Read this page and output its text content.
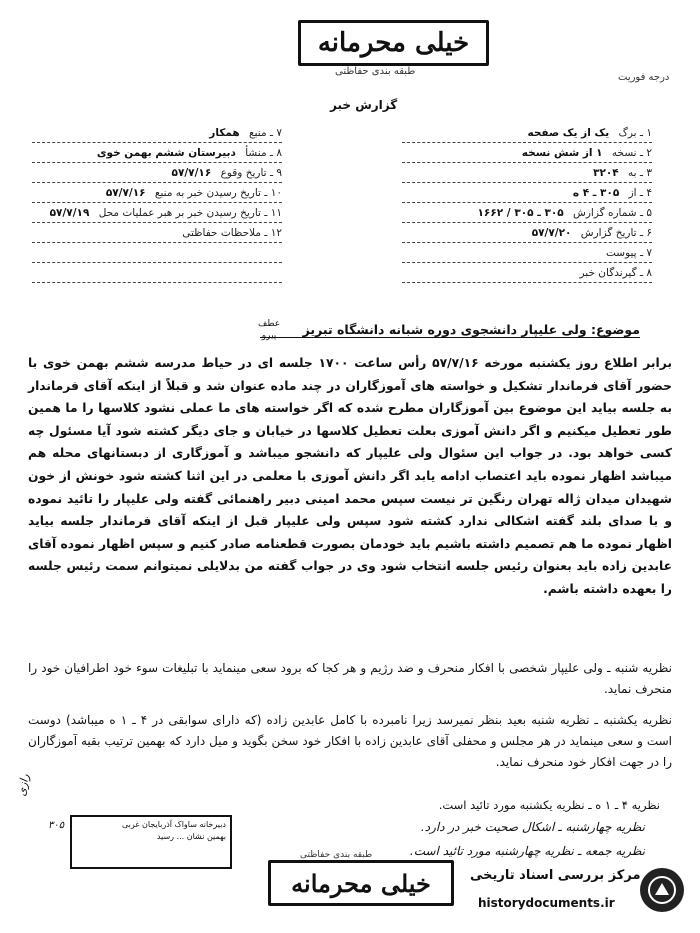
خیلی محرمانه
طبقه بندی حفاظتی
درجه فوریت
گزارش خبر
۱ ـ برگ یک از یک صفحه
۲ ـ نسخه ۱ از شش نسخه
۳ ـ به ۳۲۰۴
۴ ـ از ۳۰۵ ـ ۴ ه
۵ ـ شماره گزارش ۳۰۵ ـ ۳۰۵ / ۱۶۶۲
۶ ـ تاریخ گزارش ۵۷/۷/۲۰
۷ ـ پیوست
۸ ـ گیرندگان خبر
۷ ـ منبع همکار
۸ ـ منشأ دبیرستان ششم بهمن خوی
۹ ـ تاریخ وقوع ۵۷/۷/۱۶
۱۰ ـ تاریخ رسیدن خبر به منبع ۵۷/۷/۱۶
۱۱ ـ تاریخ رسیدن خبر بر هبر عملیات محل ۵۷/۷/۱۹
۱۲ ـ ملاحظات حفاظتی
موضوع: ولی علیپار دانشجوی دوره شبانه دانشگاه تبریز
عطف
پیرو

برابر اطلاع روز یکشنبه مورخه ۵۷/۷/۱۶ رأس ساعت ۱۷۰۰ جلسه ای در حیاط مدرسه ششم بهمن خوی با حضور آقای فرماندار تشکیل و خواسته های آموزگاران در چند ماده عنوان شد و قبلاً از اینکه آقای فرماندار به جلسه بیاید این موضوع بین آموزگاران مطرح شده که اگر خواسته های ما عملی نشود کلاسها را ما همین طور تعطیل میکنیم و اگر دانش آموزی بعلت تعطیل کلاسها در خیابان و جای دیگر کشته شود آیا مسئول چه کسی خواهد بود. در جواب این سئوال ولی علیپار که دانشجو میباشد و آموزگاری از دبستانهای محله هم میباشد اظهار نموده باید اعتصاب ادامه یابد اگر دانش آموزی با معلمی در این اثنا کشته شود خونش از خون شهیدان میدان ژاله تهران رنگین تر نیست سپس محمد امینی دبیر راهنمائی گفته ولی علیپار را تائید نموده و با صدای بلند گفته اشکالی ندارد کشته شود سپس ولی علیپار قبل از اینکه آقای فرماندار جلسه بیاید اظهار نموده ما هم تصمیم داشته باشیم باید خودمان بصورت قطعنامه صادر کنیم و سپس اظهار نموده آقای عابدین زاده باید بعنوان رئیس جلسه انتخاب شود وی در جواب گفته من بدلایلی نمیتوانم سمت رئیس جلسه را بعهده داشته باشم.

نظریه شنبه ـ ولی علیپار شخصی با افکار منحرف و ضد رژیم و هر کجا که برود سعی مینماید با تبلیغات سوء خود اطرافیان خود را منحرف نماید.

نظریه یکشنبه ـ نظریه شنبه بعید بنظر نمیرسد زیرا نامبرده با کامل عابدین زاده (که دارای سوابقی در ۴ ـ ۱ ه میباشد) دوست است و سعی مینماید در هر مجلس و محفلی آقای عابدین زاده با افکار خود سخن بگوید و میل دارد که بهمین ترتیب بقیه آموزگاران را در جهت افکار خود منحرف نماید.

نظریه ۴ ـ ۱ ه ـ نظریه یکشنبه مورد تائید است.
نظریه چهارشنبه ـ اشکال صحیت خبر در دارد.
نظریه جمعه ـ نظریه چهارشنبه مورد تائید است.
طبقه بندی حفاظتی
خیلی محرمانه
دبیرخانه ساواک آذربایجان غربی
بهمین نشان ... رسید
رازی
۳۰۵
مرکز بررسی اسناد تاریخی
historydocuments.ir
